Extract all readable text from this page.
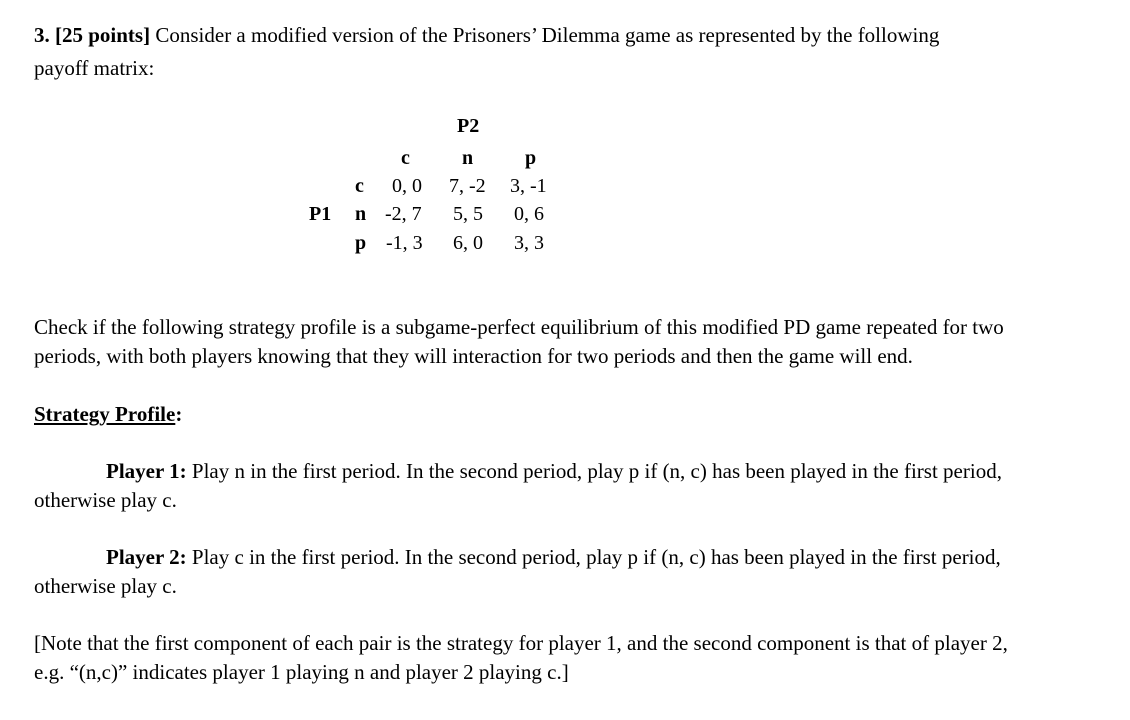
3. [25 points] Consider a modified version of the Prisoners’ Dilemma game as represented by the following
payoff matrix:
P2
c	n	p
P1
c
n
p
0, 0 7, -2 3, -1
-2, 7 5, 5 0, 6
-1, 3 6, 0 3, 3
Check if the following strategy profile is a subgame-perfect equilibrium of this modified PD game repeated for two
periods, with both players knowing that they will interaction for two periods and then the game will end.
Strategy Profile:
Player 1: Play n in the first period. In the second period, play p if (n, c) has been played in the first period,
otherwise play c.
Player 2: Play c in the first period. In the second period, play p if (n, c) has been played in the first period,
otherwise play c.
[Note that the first component of each pair is the strategy for player 1, and the second component is that of player 2,
e.g. “(n,c)” indicates player 1 playing n and player 2 playing c.]
